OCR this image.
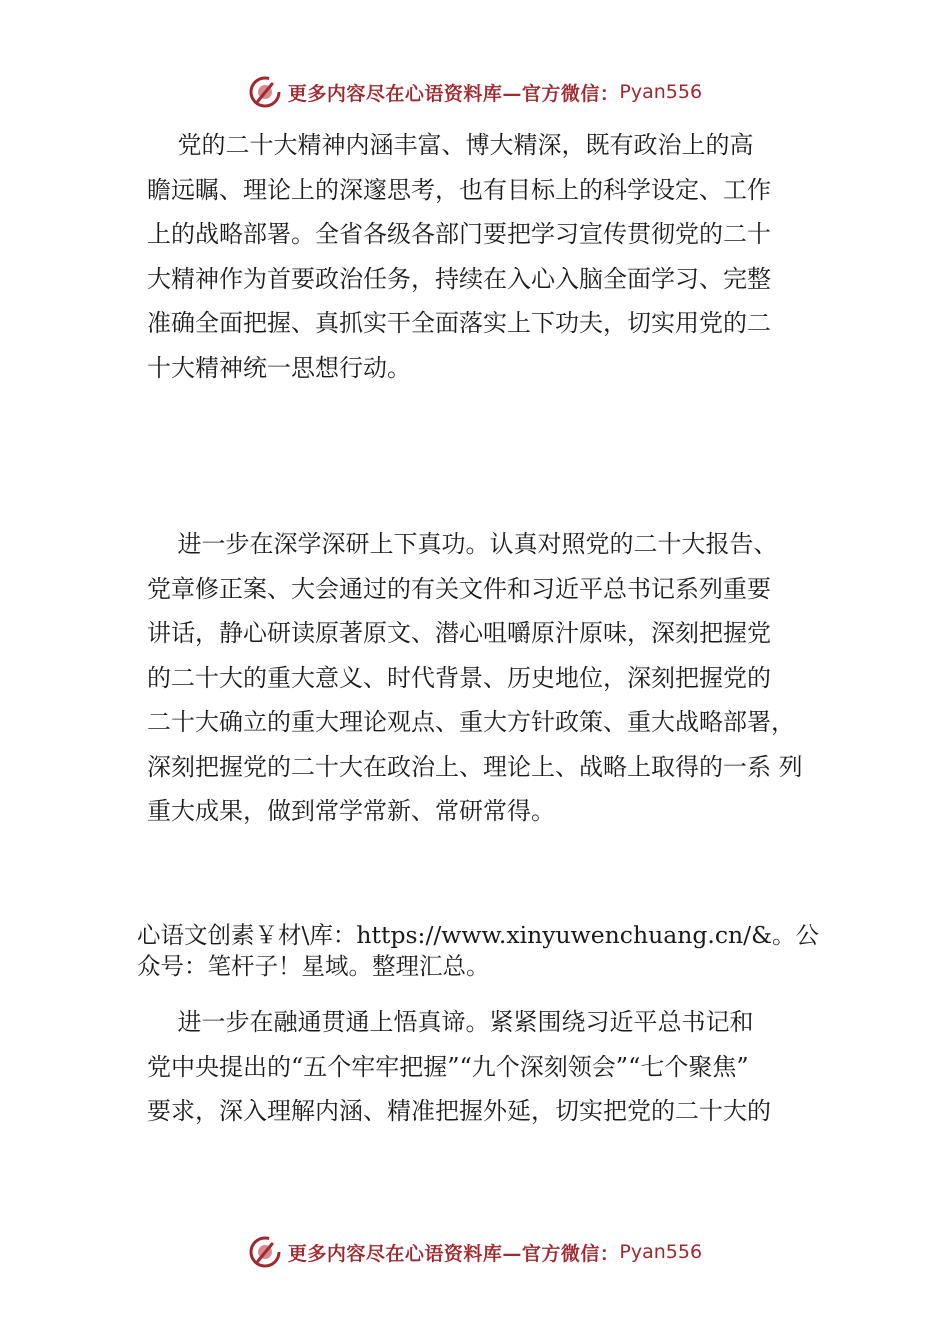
更多内容尽在心语资料库—官方微信： Pyan556

党的二十大精神内涵丰富、博大精深，既有政治上的高
瞻远瞩、理论上的深邃思考，也有目标上的科学设定、工作
上的战略部署。全省各级各部门要把学习宣传贯彻党的二十
大精神作为首要政治任务，持续在入心入脑全面学习、完整
准确全面把握、真抓实干全面落实上下功夫，切实用党的二
十大精神统一思想行动。

进一步在深学深研上下真功。认真对照党的二十大报告、
党章修正案、大会通过的有关文件和习近平总书记系列重要
讲话，静心研读原著原文、潜心咀嚼原汁原味，深刻把握党
的二十大的重大意义、时代背景、历史地位，深刻把握党的
二十大确立的重大理论观点、重大方针政策、重大战略部署，
深刻把握党的二十大在政治上、理论上、战略上取得的一系 列
重大成果，做到常学常新、常研常得。

心语文创素￥材\库：https://www.xinyuwenchuang.cn/&。公
众号：笔杆子！星域。整理汇总。

进一步在融通贯通上悟真谛。紧紧围绕习近平总书记和
党中央提出的“五个牢牢把握”“九个深刻领会”“七个聚焦”
要求，深入理解内涵、精准把握外延，切实把党的二十大的

更多内容尽在心语资料库—官方微信： Pyan556
